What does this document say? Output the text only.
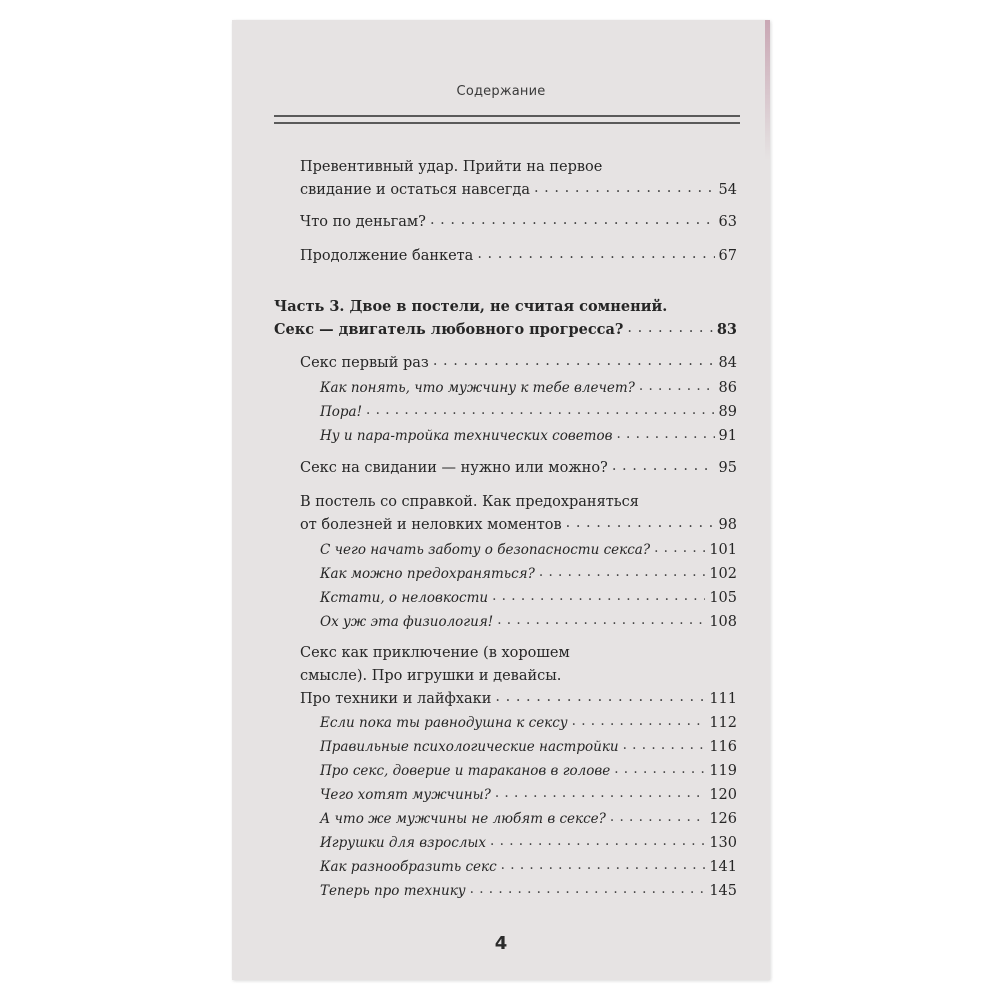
Содержание
Превентивный удар. Прийти на первое
свидание и остаться навсегда . . .	54
Что по деньгам? . . .	63
Продолжение банкета . . .	67
Часть 3. Двое в постели, не считая сомнений.
Секс — двигатель любовного прогресса? . . .	83
Секс первый раз . . .	84
Как понять, что мужчину к тебе влечет? . . .	86
Пора! . . .	89
Ну и пара-тройка технических советов . . .	91
Секс на свидании — нужно или можно? . . .	95
В постель со справкой. Как предохраняться
от болезней и неловких моментов . . .	98
С чего начать заботу о безопасности секса? . . .	101
Как можно предохраняться? . . .	102
Кстати, о неловкости . . .	105
Ох уж эта физиология! . . .	108
Секс как приключение (в хорошем
смысле). Про игрушки и девайсы.
Про техники и лайфхаки . . .	111
Если пока ты равнодушна к сексу . . .	112
Правильные психологические настройки . . .	116
Про секс, доверие и тараканов в голове . . .	119
Чего хотят мужчины? . . .	120
А что же мужчины не любят в сексе? . . .	126
Игрушки для взрослых . . .	130
Как разнообразить секс . . .	141
Теперь про технику . . .	145
4
